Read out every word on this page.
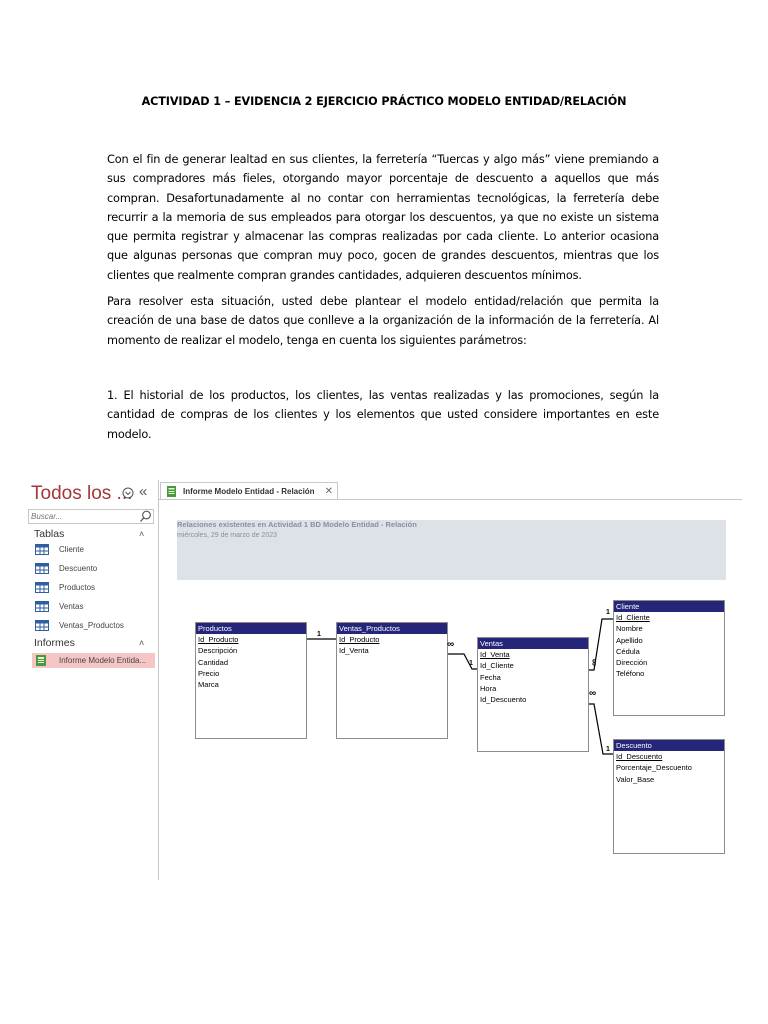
ACTIVIDAD 1 – EVIDENCIA 2 EJERCICIO PRÁCTICO MODELO ENTIDAD/RELACIÓN

Con el fin de generar lealtad en sus clientes, la ferretería “Tuercas y algo más” viene premiando a sus compradores más fieles, otorgando mayor porcentaje de descuento a aquellos que más compran. Desafortunadamente al no contar con herramientas tecnológicas, la ferretería debe recurrir a la memoria de sus empleados para otorgar los descuentos, ya que no existe un sistema que permita registrar y almacenar las compras realizadas por cada cliente. Lo anterior ocasiona que algunas personas que compran muy poco, gocen de grandes descuentos, mientras que los clientes que realmente compran grandes cantidades, adquieren descuentos mínimos.

Para resolver esta situación, usted debe plantear el modelo entidad/relación que permita la creación de una base de datos que conlleve a la organización de la información de la ferretería. Al momento de realizar el modelo, tenga en cuenta los siguientes parámetros:

1. El historial de los productos, los clientes, las ventas realizadas y las promociones, según la cantidad de compras de los clientes y los elementos que usted considere importantes en este modelo.

Todos los ... «
Buscar...
Tablas	˄
Cliente
Descuento
Productos
Ventas
Ventas_Productos
Informes	˄
Informe Modelo Entida...
Informe Modelo Entidad - Relación ✕
Relaciones existentes en Actividad 1 BD Modelo Entidad - Relación
miércoles, 29 de marzo de 2023
Productos
Id_Producto
Descripción
Cantidad
Precio
Marca
Ventas_Productos
Id_Producto
Id_Venta
Ventas
Id_Venta
Id_Cliente
Fecha
Hora
Id_Descuento
Cliente
Id_Cliente
Nombre
Apellido
Cédula
Dirección
Teléfono
Descuento
Id_Descuento
Porcentaje_Descuento
Valor_Base
1
1
1
1
∞
∞
∞
